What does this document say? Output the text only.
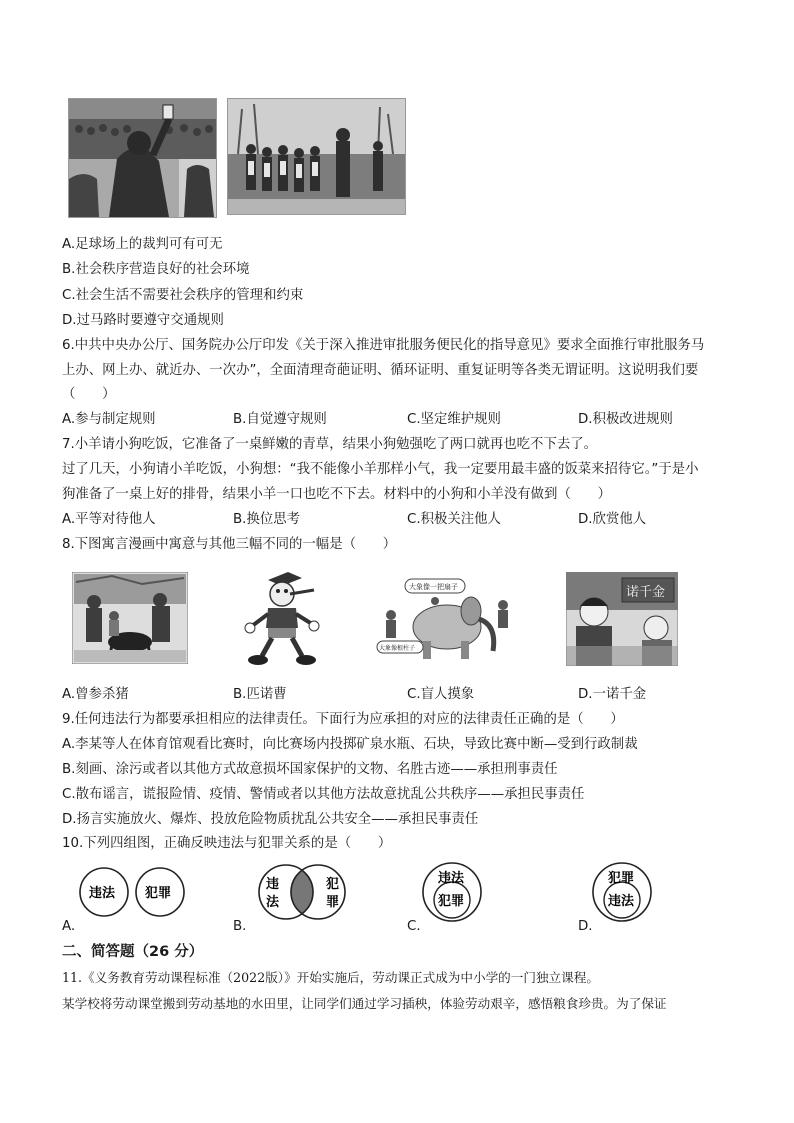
A.足球场上的裁判可有可无
B.社会秩序营造良好的社会环境
C.社会生活不需要社会秩序的管理和约束
D.过马路时要遵守交通规则
6.中共中央办公厅、国务院办公厅印发《关于深入推进审批服务便民化的指导意见》要求全面推行审批服务马
上办、网上办、就近办、一次办”，全面清理奇葩证明、循环证明、重复证明等各类无谓证明。这说明我们要
（　　）
A.参与制定规则	B.自觉遵守规则	C.坚定维护规则	D.积极改进规则
7.小羊请小狗吃饭，它准备了一桌鲜嫩的青草，结果小狗勉强吃了两口就再也吃不下去了。
过了几天，小狗请小羊吃饭，小狗想：“我不能像小羊那样小气，我一定要用最丰盛的饭菜来招待它。”于是小
狗准备了一桌上好的排骨，结果小羊一口也吃不下去。材料中的小狗和小羊没有做到（　　）
A.平等对待他人	B.换位思考	C.积极关注他人	D.欣赏他人
8.下图寓言漫画中寓意与其他三幅不同的一幅是（　　）
大象像一把扇子
大象像根柱子
诺千金
A.曾参杀猪	B.匹诺曹	C.盲人摸象	D.一诺千金
9.任何违法行为都要承担相应的法律责任。下面行为应承担的对应的法律责任正确的是（　　）
A.李某等人在体育馆观看比赛时，向比赛场内投掷矿泉水瓶、石块，导致比赛中断—受到行政制裁
B.刻画、涂污或者以其他方式故意损坏国家保护的文物、名胜古迹——承担刑事责任
C.散布谣言，谎报险情、疫情、警情或者以其他方法故意扰乱公共秩序——承担民事责任
D.扬言实施放火、爆炸、投放危险物质扰乱公共安全——承担民事责任
10.下列四组图，正确反映违法与犯罪关系的是（　　）
违法 犯罪
A.
违
法
犯
罪
B.
违法
犯罪
C.
犯罪
违法
D.
二、简答题（26 分）
11.《义务教育劳动课程标准（2022版）》开始实施后，劳动课正式成为中小学的一门独立课程。
某学校将劳动课堂搬到劳动基地的水田里，让同学们通过学习插秧，体验劳动艰辛，感悟粮食珍贵。为了保证
